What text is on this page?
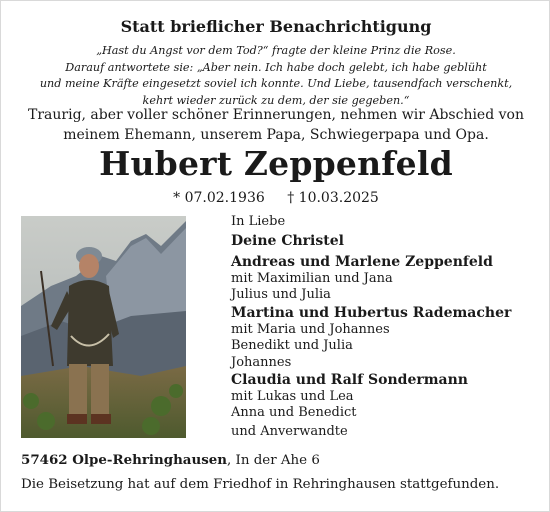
Statt brieflicher Benachrichtigung
„Hast du Angst vor dem Tod?“ fragte der kleine Prinz die Rose.
Darauf antwortete sie: „Aber nein. Ich habe doch gelebt, ich habe geblüht
und meine Kräfte eingesetzt soviel ich konnte. Und Liebe, tausendfach verschenkt,
kehrt wieder zurück zu dem, der sie gegeben.“
Traurig, aber voller schöner Erinnerungen, nehmen wir Abschied von
meinem Ehemann, unserem Papa, Schwiegerpapa und Opa.
Hubert Zeppenfeld
* 07.02.1936 † 10.03.2025
In Liebe
Deine Christel
Andreas und Marlene Zeppenfeld
mit Maximilian und Jana
Julius und Julia
Martina und Hubertus Rademacher
mit Maria und Johannes
Benedikt und Julia
Johannes
Claudia und Ralf Sondermann
mit Lukas und Lea
Anna und Benedict
und Anverwandte
57462 Olpe-Rehringhausen, In der Ahe 6
Die Beisetzung hat auf dem Friedhof in Rehringhausen stattgefunden.
